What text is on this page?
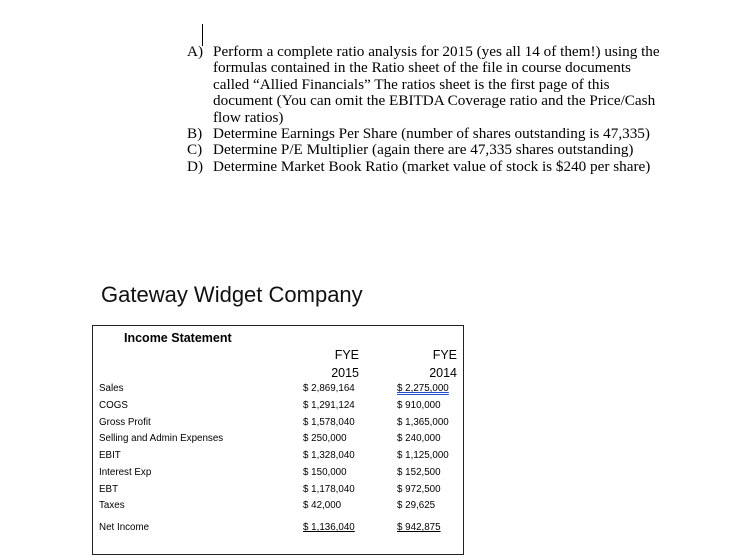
A) Perform a complete ratio analysis for 2015 (yes all 14 of them!) using the formulas contained in the Ratio sheet of the file in course documents called “Allied Financials” The ratios sheet is the first page of this document (You can omit the EBITDA Coverage ratio and the Price/Cash flow ratios)
B) Determine Earnings Per Share (number of shares outstanding is 47,335)
C) Determine P/E Multiplier (again there are 47,335 shares outstanding)
D) Determine Market Book Ratio (market value of stock is $240 per share)
Gateway Widget Company
Income Statement
FYE
2015
FYE
2014
Sales	$ 2,869,164	$ 2,275,000
COGS	$ 1,291,124	$ 910,000
Gross Profit	$ 1,578,040	$ 1,365,000
Selling and Admin Expenses	$ 250,000	$ 240,000
EBIT	$ 1,328,040	$ 1,125,000
Interest Exp	$ 150,000	$ 152,500
EBT	$ 1,178,040	$ 972,500
Taxes	$ 42,000	$ 29,625
Net Income	$ 1,136,040	$ 942,875
